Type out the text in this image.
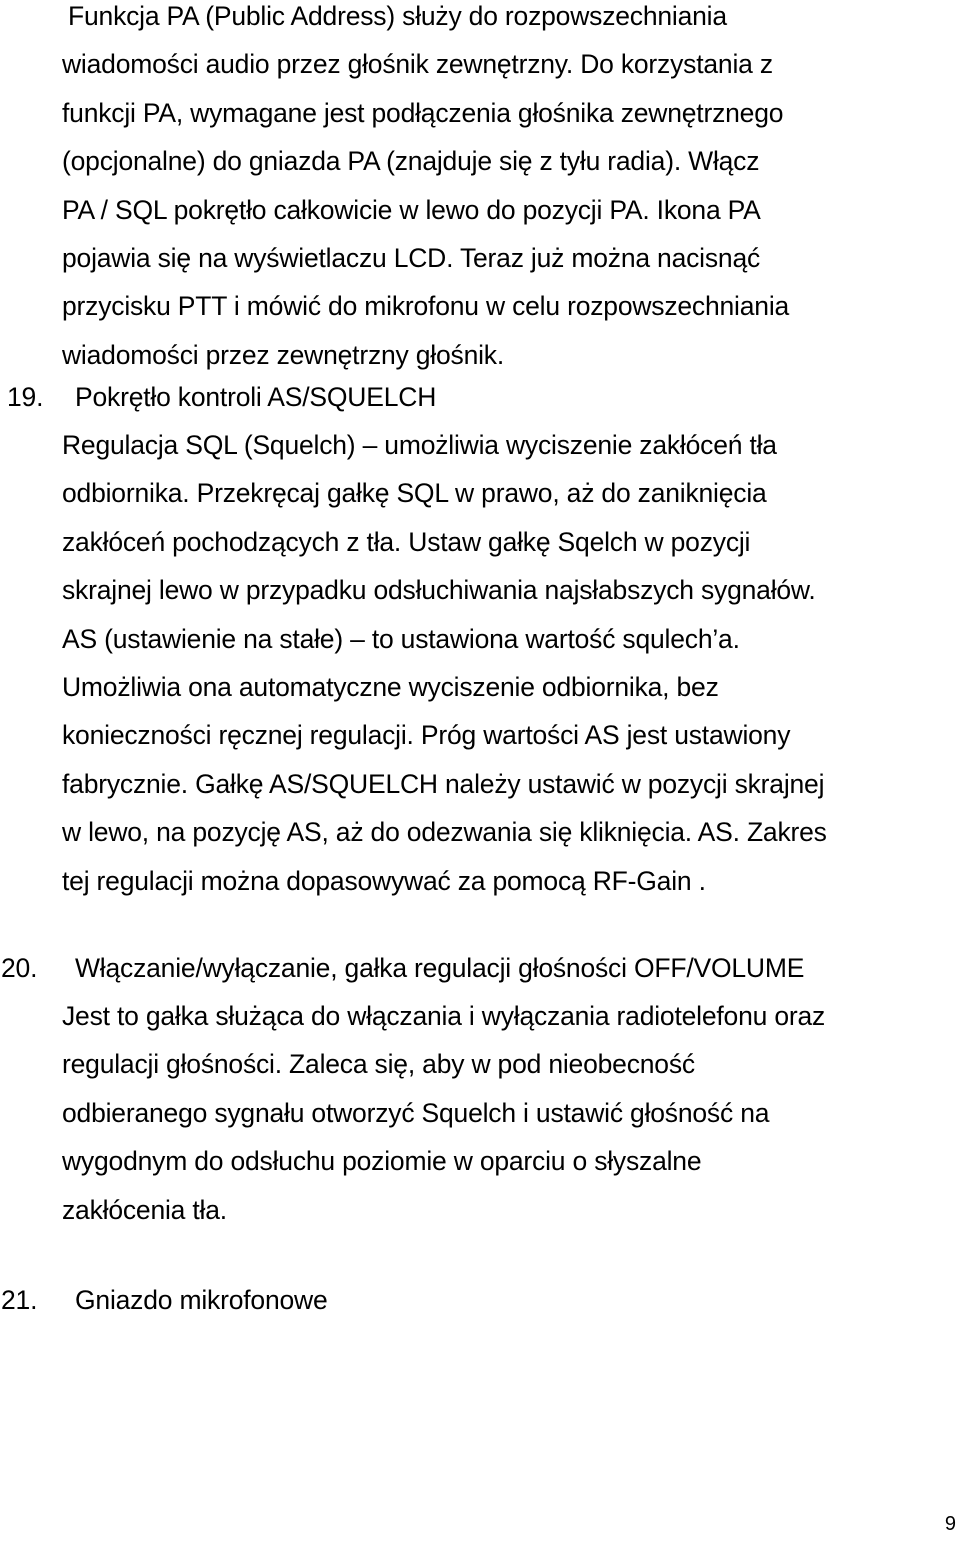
Funkcja PA (Public Address) służy do rozpowszechniania
wiadomości audio przez głośnik zewnętrzny. Do korzystania z
funkcji PA, wymagane jest podłączenia głośnika zewnętrznego
(opcjonalne) do gniazda PA (znajduje się z tyłu radia). Włącz
PA / SQL pokrętło całkowicie w lewo do pozycji PA. Ikona PA
pojawia się na wyświetlaczu LCD. Teraz już można nacisnąć
przycisku PTT i mówić do mikrofonu w celu rozpowszechniania
wiadomości przez zewnętrzny głośnik.
19. Pokrętło kontroli AS/SQUELCH
Regulacja SQL (Squelch) – umożliwia wyciszenie zakłóceń tła
odbiornika. Przekręcaj gałkę SQL w prawo, aż do zaniknięcia
zakłóceń pochodzących z tła. Ustaw gałkę Sqelch w pozycji
skrajnej lewo w przypadku odsłuchiwania najsłabszych sygnałów.
AS (ustawienie na stałe) – to ustawiona wartość squlech’a.
Umożliwia ona automatyczne wyciszenie odbiornika, bez
konieczności ręcznej regulacji. Próg wartości AS jest ustawiony
fabrycznie. Gałkę AS/SQUELCH należy ustawić w pozycji skrajnej
w lewo, na pozycję AS, aż do odezwania się kliknięcia. AS. Zakres
tej regulacji można dopasowywać za pomocą RF-Gain .
20. Włączanie/wyłączanie, gałka regulacji głośności OFF/VOLUME
Jest to gałka służąca do włączania i wyłączania radiotelefonu oraz
regulacji głośności. Zaleca się, aby w pod nieobecność
odbieranego sygnału otworzyć Squelch i ustawić głośność na
wygodnym do odsłuchu poziomie w oparciu o słyszalne
zakłócenia tła.
21. Gniazdo mikrofonowe
9
